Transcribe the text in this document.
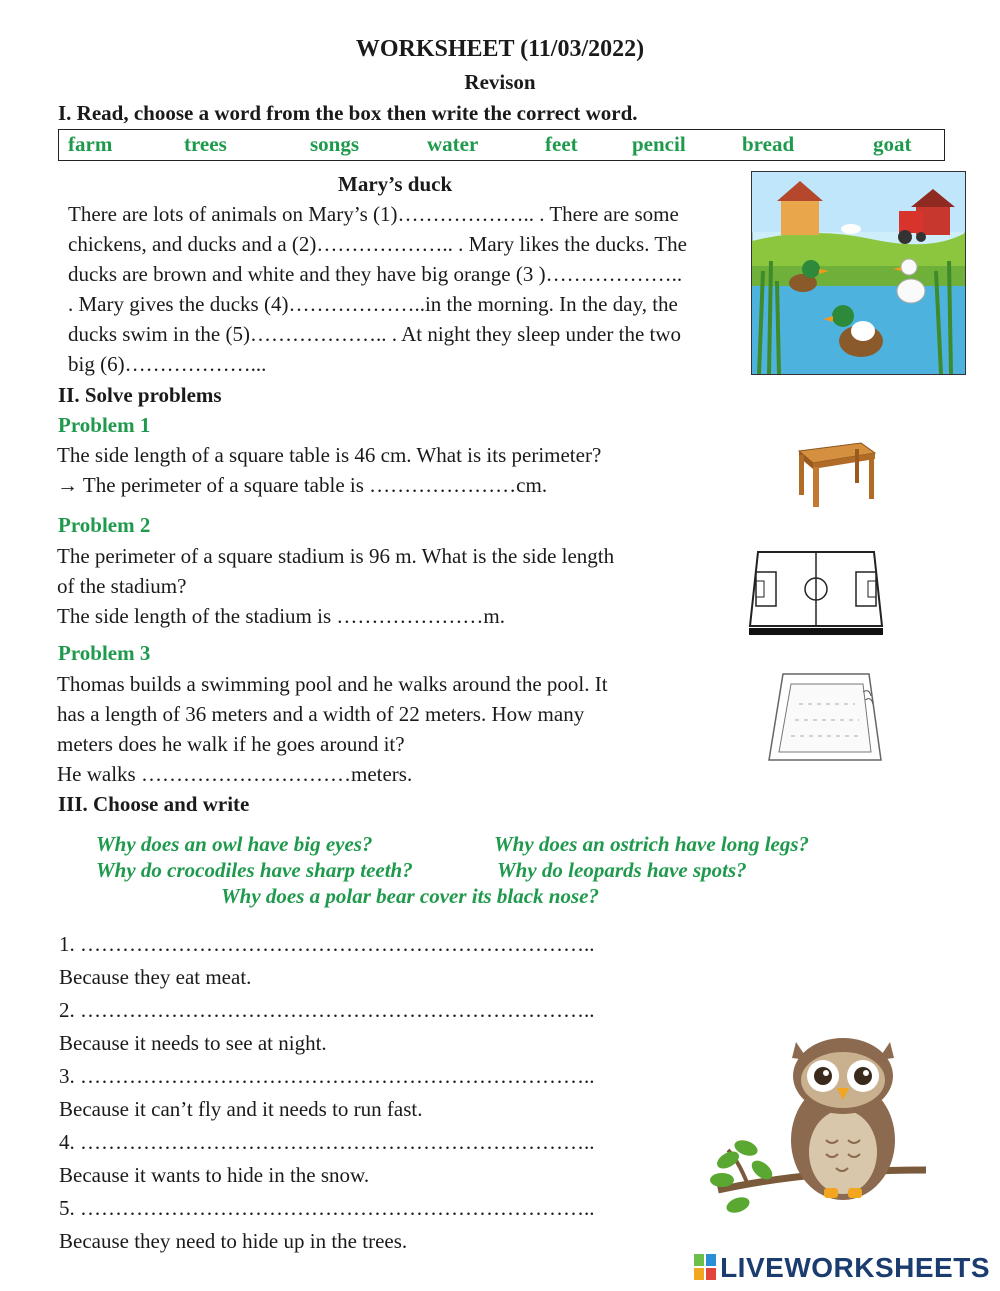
WORKSHEET (11/03/2022)
Revison
I. Read, choose a word from the box then write the correct word.
farm	trees	songs	water	feet	pencil	bread	goat
Mary’s duck
There are lots of animals on Mary’s (1)……………….. . There are some
chickens, and ducks and a (2)……………….. . Mary likes the ducks. The
ducks are brown and white and they have big orange (3 )………………..
. Mary gives the ducks (4)………………..in the morning. In the day, the
ducks swim in the (5)……………….. . At night they sleep under the two
big (6)………………...
II. Solve problems
Problem 1
The side length of a square table is 46 cm. What is its perimeter?
→ The perimeter of a square table is …………………cm.
Problem 2
The perimeter of a square stadium is 96 m. What is the side length
of the stadium?
The side length of the stadium is …………………m.
Problem 3
Thomas builds a swimming pool and he walks around the pool. It
has a length of 36 meters and a width of 22 meters. How many
meters does he walk if he goes around it?
He walks …………………………meters.
III. Choose and write
Why does an owl have big eyes?	Why does an ostrich have long legs?
Why do crocodiles have sharp teeth?	Why do leopards have spots?
Why does a polar bear cover its black nose?
1. ………………………………………………………………..
Because they eat meat.
2. ………………………………………………………………..
Because it needs to see at night.
3. ………………………………………………………………..
Because it can’t fly and it needs to run fast.
4. ………………………………………………………………..
Because it wants to hide in the snow.
5. ………………………………………………………………..
Because they need to hide up in the trees.
LIVEWORKSHEETS
